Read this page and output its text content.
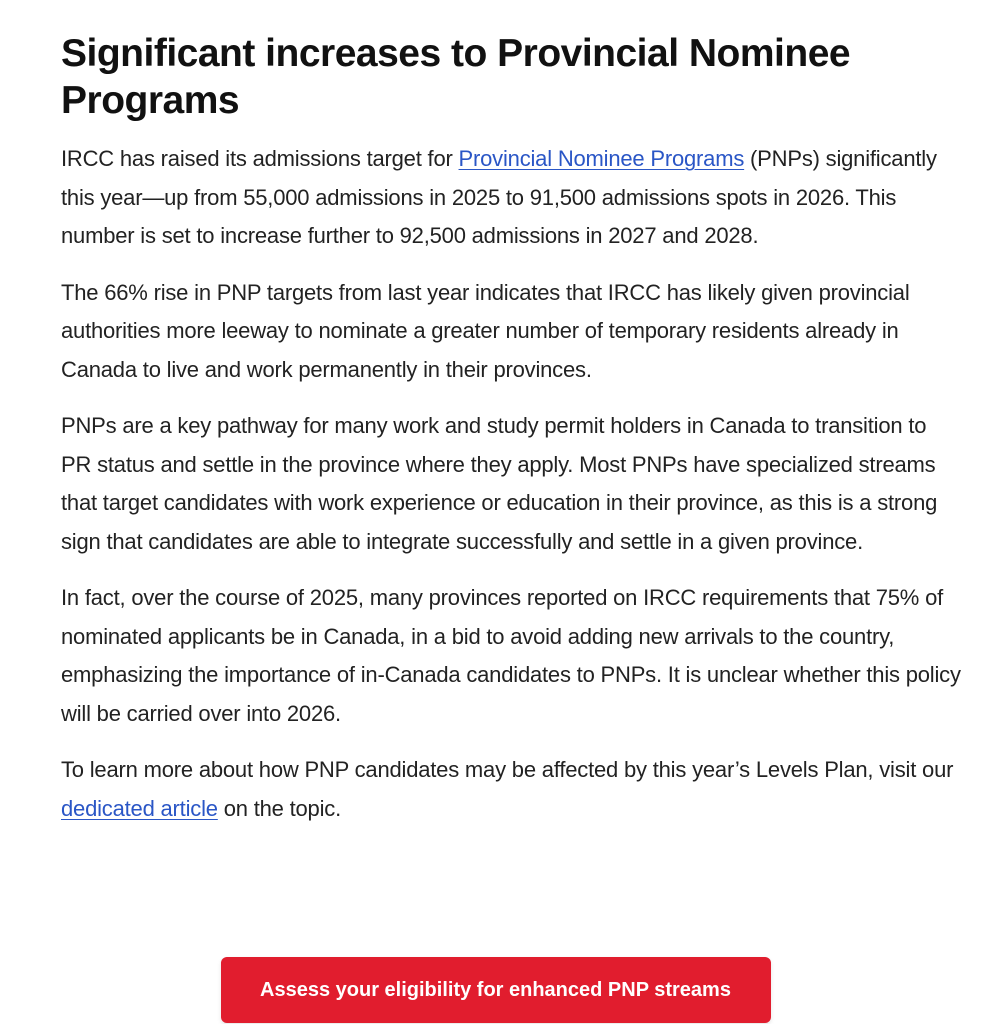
Significant increases to Provincial Nominee Programs

IRCC has raised its admissions target for Provincial Nominee Programs (PNPs) significantly this year—up from 55,000 admissions in 2025 to 91,500 admissions spots in 2026. This number is set to increase further to 92,500 admissions in 2027 and 2028.

The 66% rise in PNP targets from last year indicates that IRCC has likely given provincial authorities more leeway to nominate a greater number of temporary residents already in Canada to live and work permanently in their provinces.

PNPs are a key pathway for many work and study permit holders in Canada to transition to PR status and settle in the province where they apply. Most PNPs have specialized streams that target candidates with work experience or education in their province, as this is a strong sign that candidates are able to integrate successfully and settle in a given province.

In fact, over the course of 2025, many provinces reported on IRCC requirements that 75% of nominated applicants be in Canada, in a bid to avoid adding new arrivals to the country, emphasizing the importance of in-Canada candidates to PNPs. It is unclear whether this policy will be carried over into 2026.

To learn more about how PNP candidates may be affected by this year’s Levels Plan, visit our dedicated article on the topic.

Assess your eligibility for enhanced PNP streams
